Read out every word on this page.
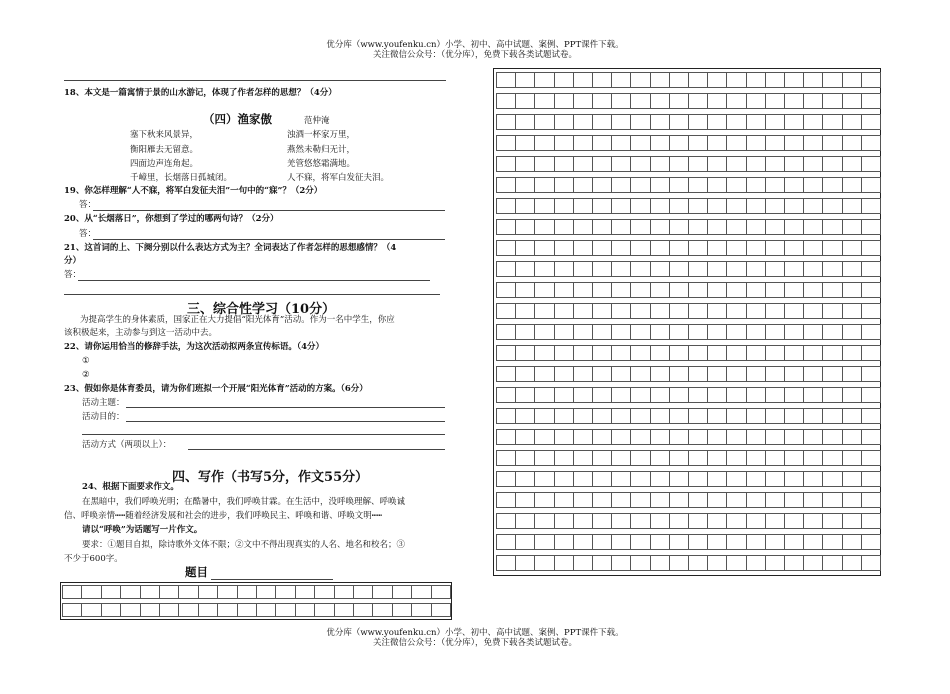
优分库（www.youfenku.cn）小学、初中、高中试题、案例、PPT课件下载。
关注微信公众号：（优分库），免费下载各类试题试卷。
18、本文是一篇寓情于景的山水游记，体现了作者怎样的思想？（4分）
（四）渔家傲	范仲淹
塞下秋来风景异，
衡阳雁去无留意。
四面边声连角起。
千嶂里，长烟落日孤城闭。
浊酒一杯家万里，
燕然未勒归无计，
羌管悠悠霜满地。
人不寐，将军白发征夫泪。
19、你怎样理解“人不寐，将军白发征夫泪”一句中的“寐”？（2分）
答：
20、从“长烟落日”，你想到了学过的哪两句诗？（2分）
答：
21、这首词的上、下阕分别以什么表达方式为主？全词表达了作者怎样的思想感情？（4
分）
答：
三、综合性学习（10分）
为提高学生的身体素质，国家正在大力提倡“阳光体育”活动。作为一名中学生，你应
该积极起来，主动参与到这一活动中去。
22、请你运用恰当的修辞手法，为这次活动拟两条宣传标语。（4分）
①
②
23、假如你是体育委员，请为你们班拟一个开展“阳光体育”活动的方案。（6分）
活动主题：
活动目的：
活动方式（两项以上）：
四、写作（书写5分，作文55分）
24、根据下面要求作文。
在黑暗中，我们呼唤光明；在酷暑中，我们呼唤甘霖。在生活中，没呼唤理解、呼唤诚
信、呼唤亲情┅┅随着经济发展和社会的进步，我们呼唤民主、呼唤和谐、呼唤文明┅┅
请以“呼唤”为话题写一片作文。
要求：①题目自拟，除诗歌外文体不限；②文中不得出现真实的人名、地名和校名；③
不少于600字。
题目
优分库（www.youfenku.cn）小学、初中、高中试题、案例、PPT课件下载。
关注微信公众号：（优分库），免费下载各类试题试卷。
